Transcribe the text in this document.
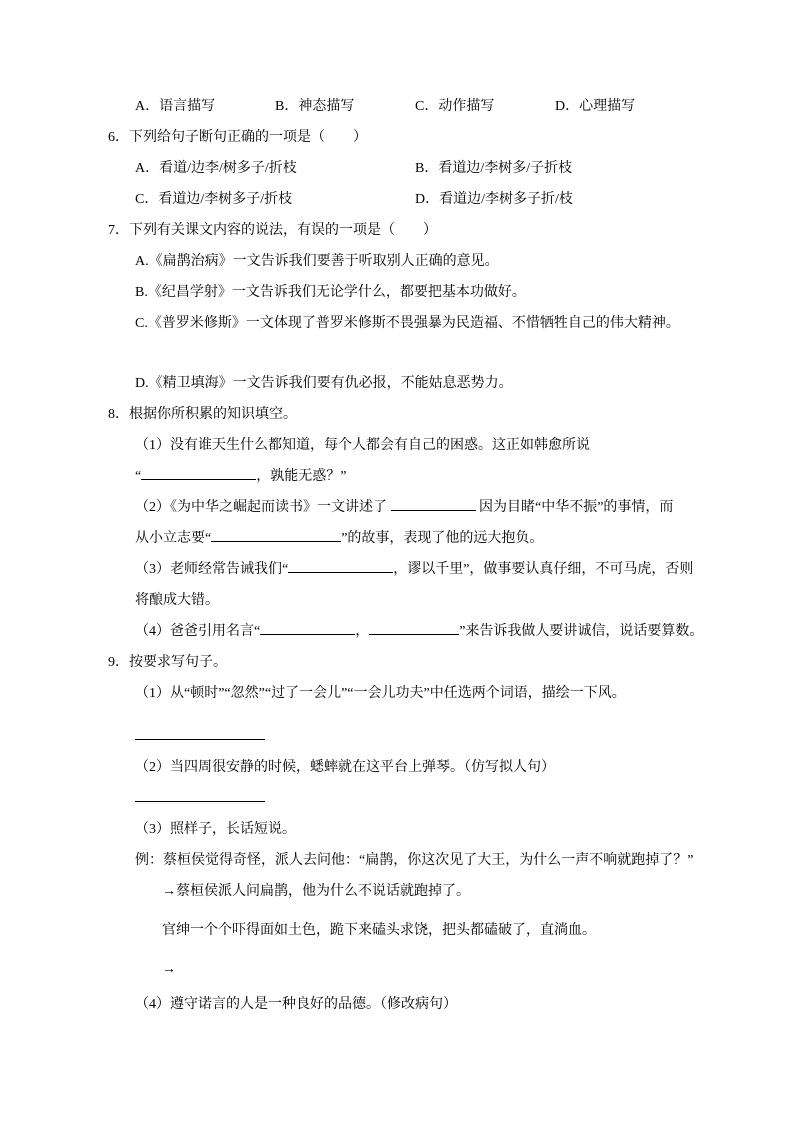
A．语言描写	B．神态描写	C．动作描写	D．心理描写
6．下列给句子断句正确的一项是（　　）
A．看道/边李/树多子/折枝	B．看道边/李树多/子折枝
C．看道边/李树多子/折枝	D．看道边/李树多子折/枝
7．下列有关课文内容的说法，有误的一项是（　　）
A.《扁鹊治病》一文告诉我们要善于听取别人正确的意见。
B.《纪昌学射》一文告诉我们无论学什么，都要把基本功做好。
C.《普罗米修斯》一文体现了普罗米修斯不畏强暴为民造福、不惜牺牲自己的伟大精神。
D.《精卫填海》一文告诉我们要有仇必报，不能姑息恶势力。
8．根据你所积累的知识填空。
（1）没有谁天生什么都知道，每个人都会有自己的困惑。这正如韩愈所说
“	，孰能无惑？”
（2）《为中华之崛起而读书》一文讲述了	因为目睹“中华不振”的事情，而
从小立志要“	”的故事，表现了他的远大抱负。
（3）老师经常告诫我们“	，谬以千里”，做事要认真仔细，不可马虎，否则
将酿成大错。
（4）爸爸引用名言“	，	”来告诉我做人要讲诚信，说话要算数。
9．按要求写句子。
（1）从“顿时”“忽然”“过了一会儿”“一会儿功夫”中任选两个词语，描绘一下风。
（2）当四周很安静的时候，蟋蟀就在这平台上弹琴。（仿写拟人句）
（3）照样子，长话短说。
例：蔡桓侯觉得奇怪，派人去问他：“扁鹊，你这次见了大王，为什么一声不响就跑掉了？”
→蔡桓侯派人问扁鹊，他为什么不说话就跑掉了。
官绅一个个吓得面如土色，跪下来磕头求饶，把头都磕破了，直淌血。
→
（4）遵守诺言的人是一种良好的品德。（修改病句）
